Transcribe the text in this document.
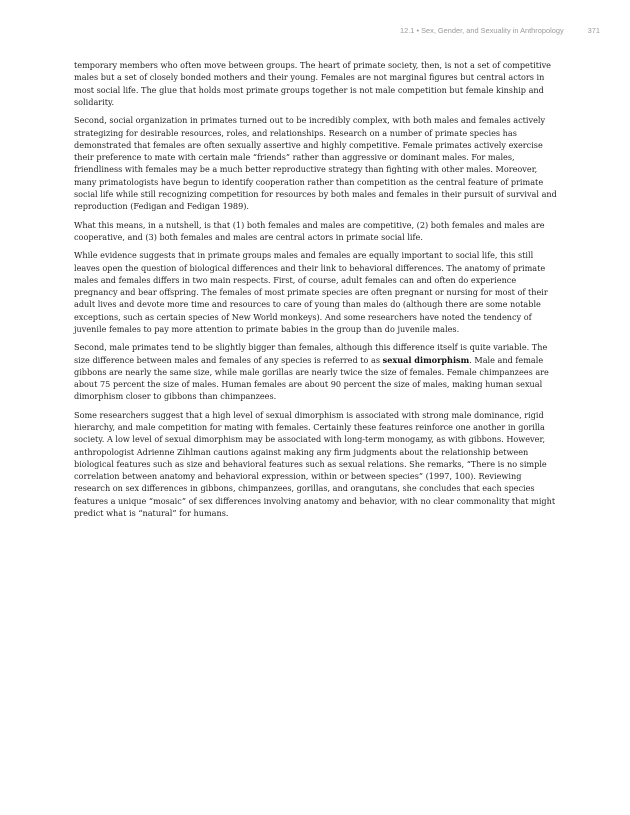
12.1 • Sex, Gender, and Sexuality in Anthropology	371

temporary members who often move between groups. The heart of primate society, then, is not a set of competitive males but a set of closely bonded mothers and their young. Females are not marginal figures but central actors in most social life. The glue that holds most primate groups together is not male competition but female kinship and solidarity.

Second, social organization in primates turned out to be incredibly complex, with both males and females actively strategizing for desirable resources, roles, and relationships. Research on a number of primate species has demonstrated that females are often sexually assertive and highly competitive. Female primates actively exercise their preference to mate with certain male “friends” rather than aggressive or dominant males. For males, friendliness with females may be a much better reproductive strategy than fighting with other males. Moreover, many primatologists have begun to identify cooperation rather than competition as the central feature of primate social life while still recognizing competition for resources by both males and females in their pursuit of survival and reproduction (Fedigan and Fedigan 1989).

What this means, in a nutshell, is that (1) both females and males are competitive, (2) both females and males are cooperative, and (3) both females and males are central actors in primate social life.

While evidence suggests that in primate groups males and females are equally important to social life, this still leaves open the question of biological differences and their link to behavioral differences. The anatomy of primate males and females differs in two main respects. First, of course, adult females can and often do experience pregnancy and bear offspring. The females of most primate species are often pregnant or nursing for most of their adult lives and devote more time and resources to care of young than males do (although there are some notable exceptions, such as certain species of New World monkeys). And some researchers have noted the tendency of juvenile females to pay more attention to primate babies in the group than do juvenile males.

Second, male primates tend to be slightly bigger than females, although this difference itself is quite variable. The size difference between males and females of any species is referred to as sexual dimorphism. Male and female gibbons are nearly the same size, while male gorillas are nearly twice the size of females. Female chimpanzees are about 75 percent the size of males. Human females are about 90 percent the size of males, making human sexual dimorphism closer to gibbons than chimpanzees.

Some researchers suggest that a high level of sexual dimorphism is associated with strong male dominance, rigid hierarchy, and male competition for mating with females. Certainly these features reinforce one another in gorilla society. A low level of sexual dimorphism may be associated with long-term monogamy, as with gibbons. However, anthropologist Adrienne Zihlman cautions against making any firm judgments about the relationship between biological features such as size and behavioral features such as sexual relations. She remarks, “There is no simple correlation between anatomy and behavioral expression, within or between species” (1997, 100). Reviewing research on sex differences in gibbons, chimpanzees, gorillas, and orangutans, she concludes that each species features a unique “mosaic” of sex differences involving anatomy and behavior, with no clear commonality that might predict what is “natural” for humans.
